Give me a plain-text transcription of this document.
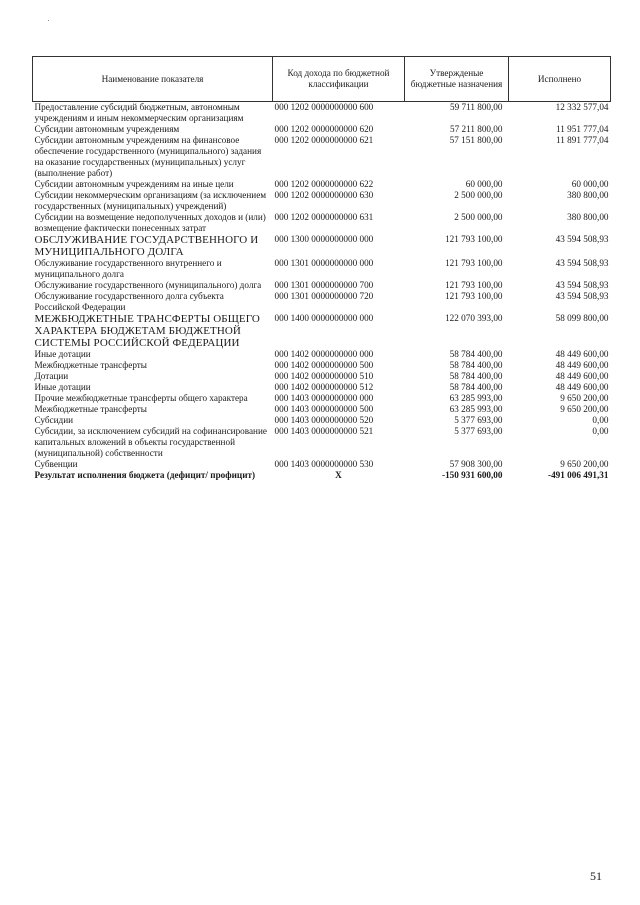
Наименование показателя	Код дохода по бюджетной классификации	Утвержденые бюджетные назначения	Исполнено
Предоставление субсидий бюджетным, автономным учреждениям и иным некоммерческим организациям	000 1202 0000000000 600	59 711 800,00	12 332 577,04
Субсидии автономным учреждениям	000 1202 0000000000 620	57 211 800,00	11 951 777,04
Субсидии автономным учреждениям на финансовое обеспечение государственного (муниципального) задания на оказание государственных (муниципальных) услуг (выполнение работ)	000 1202 0000000000 621	57 151 800,00	11 891 777,04
Субсидии автономным учреждениям на иные цели	000 1202 0000000000 622	60 000,00	60 000,00
Субсидии некоммерческим организациям (за исключением государственных (муниципальных) учреждений)	000 1202 0000000000 630	2 500 000,00	380 800,00
Субсидии на возмещение недополученных доходов и (или) возмещение фактически понесенных затрат	000 1202 0000000000 631	2 500 000,00	380 800,00
ОБСЛУЖИВАНИЕ ГОСУДАРСТВЕННОГО И МУНИЦИПАЛЬНОГО ДОЛГА	000 1300 0000000000 000	121 793 100,00	43 594 508,93
Обслуживание государственного внутреннего и муниципального долга	000 1301 0000000000 000	121 793 100,00	43 594 508,93
Обслуживание государственного (муниципального) долга	000 1301 0000000000 700	121 793 100,00	43 594 508,93
Обслуживание государственного долга субъекта Российской Федерации	000 1301 0000000000 720	121 793 100,00	43 594 508,93
МЕЖБЮДЖЕТНЫЕ ТРАНСФЕРТЫ ОБЩЕГО ХАРАКТЕРА БЮДЖЕТАМ БЮДЖЕТНОЙ СИСТЕМЫ РОССИЙСКОЙ ФЕДЕРАЦИИ	000 1400 0000000000 000	122 070 393,00	58 099 800,00
Иные дотации	000 1402 0000000000 000	58 784 400,00	48 449 600,00
Межбюджетные трансферты	000 1402 0000000000 500	58 784 400,00	48 449 600,00
Дотации	000 1402 0000000000 510	58 784 400,00	48 449 600,00
Иные дотации	000 1402 0000000000 512	58 784 400,00	48 449 600,00
Прочие межбюджетные трансферты общего характера	000 1403 0000000000 000	63 285 993,00	9 650 200,00
Межбюджетные трансферты	000 1403 0000000000 500	63 285 993,00	9 650 200,00
Субсидии	000 1403 0000000000 520	5 377 693,00	0,00
Субсидии, за исключением субсидий на софинансирование капитальных вложений в объекты государственной (муниципальной) собственности	000 1403 0000000000 521	5 377 693,00	0,00
Субвенции	000 1403 0000000000 530	57 908 300,00	9 650 200,00
Результат исполнения бюджета (дефицит/ профицит)	X	-150 931 600,00	-491 006 491,31
51
